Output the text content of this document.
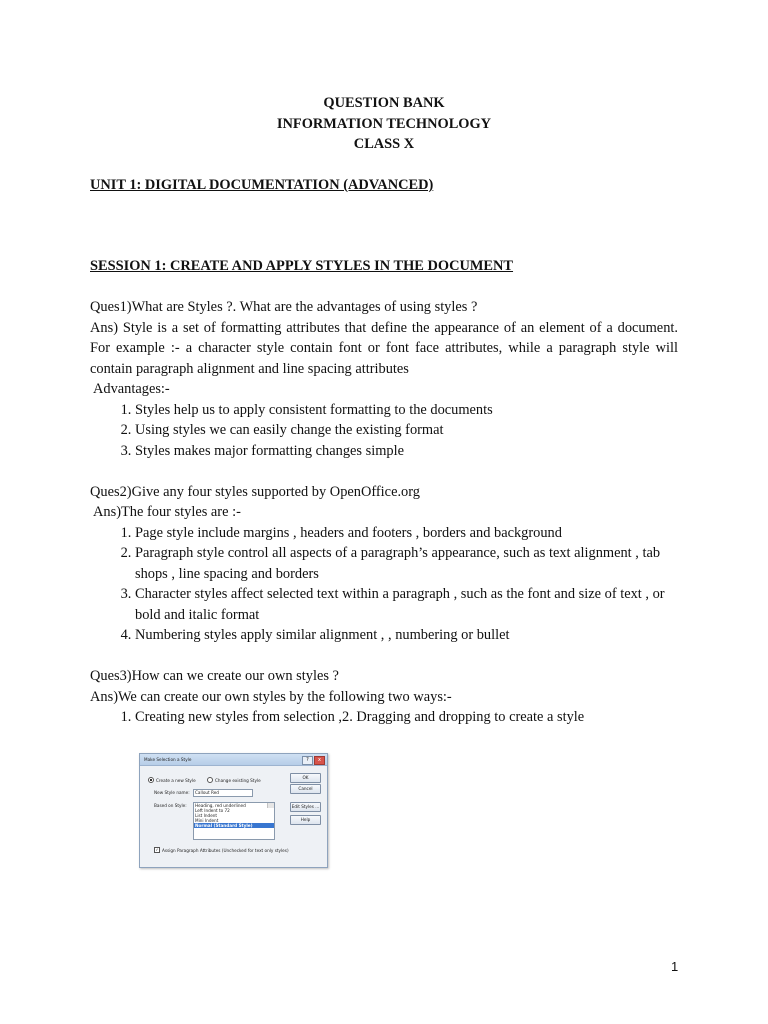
QUESTION BANK
INFORMATION TECHNOLOGY
CLASS X
UNIT 1: DIGITAL DOCUMENTATION (ADVANCED)
SESSION 1: CREATE AND APPLY STYLES IN THE DOCUMENT

Ques1)What are Styles ?. What are the advantages of using styles ?

Ans) Style is a set of formatting attributes that define the appearance of an element of a document. For example :- a character style contain font or font face attributes, while a paragraph style will contain paragraph alignment and line spacing attributes

Advantages:-

1. Styles help us to apply consistent formatting to the documents
2. Using styles we can easily change the existing format
3. Styles makes major formatting changes simple

Ques2)Give any four styles supported by OpenOffice.org

Ans)The four styles are :-

1. Page style include margins , headers and footers , borders and background
2. Paragraph style control all aspects of a paragraph’s appearance, such as text alignment , tab shops , line spacing and borders
3. Character styles affect selected text within a paragraph , such as the font and size of text , or bold and italic format
4. Numbering styles apply similar alignment , , numbering or bullet

Ques3)How can we create our own styles ?

Ans)We can create our own styles by the following two ways:-

1. Creating new styles from selection ,2. Dragging and dropping to create a style
Make Selection a Style	?	x
Create a new Style	Change existing Style
New Style name:	Callout Red
Based on Style: Heading, red underlined
Left Indent to 72
List Indent
Mini Indent
Normal (Standard Style)
OK
Cancel
Edit Styles ...
Help
✓ Assign Paragraph Attributes (Unchecked for text only styles)
1
